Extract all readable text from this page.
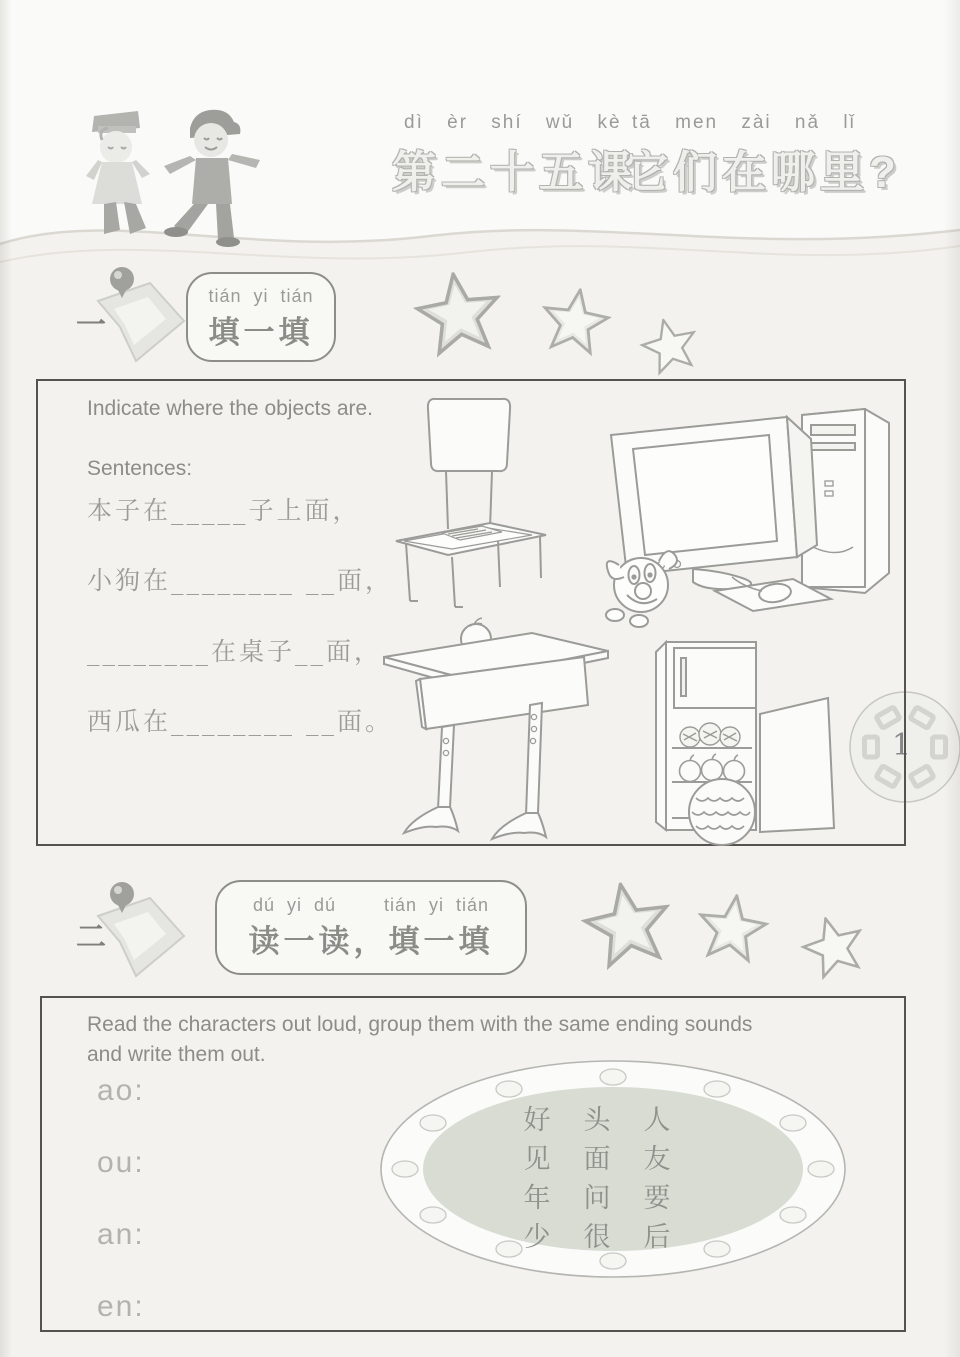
dì èr shí wǔ kè tā men zài nǎ lǐ
第二十五课
它们在哪里?
一
tián  yi  tián
填一填
1
Indicate where the objects are.
Sentences:
本子在_____子上面，
小狗在________ __面，
________在桌子__面，
西瓜在________ __面。
二
dú  yi  dú        tián  yi  tián
读一读，填一填
Read the characters out loud, group them with the same ending sounds
and write them out.
ao:
ou:
an:
en:
好	头	人
见	面	友
年	问	要
少	很	后
